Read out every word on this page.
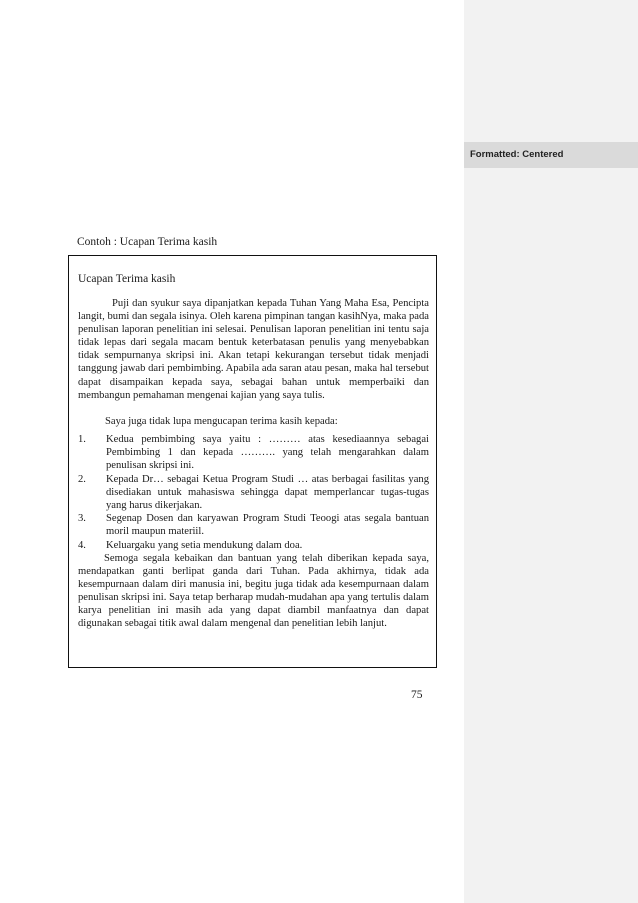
Formatted: Centered
Contoh : Ucapan Terima kasih
Ucapan Terima kasih
Puji dan syukur saya dipanjatkan kepada Tuhan Yang Maha Esa, Pencipta langit, bumi dan segala isinya. Oleh karena pimpinan tangan kasihNya, maka pada penulisan laporan penelitian ini selesai. Penulisan laporan penelitian ini tentu saja tidak lepas dari segala macam bentuk keterbatasan penulis yang menyebabkan tidak sempurnanya skripsi ini. Akan tetapi kekurangan tersebut tidak menjadi tanggung jawab dari pembimbing. Apabila ada saran atau pesan, maka hal tersebut dapat disampaikan kepada saya, sebagai bahan untuk memperbaiki dan membangun pemahaman mengenai kajian yang saya tulis.
Saya juga tidak lupa mengucapan terima kasih kepada:
1. Kedua pembimbing saya yaitu : ……… atas kesediaannya sebagai Pembimbing 1 dan kepada ………. yang telah mengarahkan dalam penulisan skripsi ini.
2. Kepada Dr… sebagai Ketua Program Studi … atas berbagai fasilitas yang disediakan untuk mahasiswa sehingga dapat memperlancar tugas-tugas yang harus dikerjakan.
3. Segenap Dosen dan karyawan Program Studi Teoogi atas segala bantuan moril maupun materiil.
4. Keluargaku yang setia mendukung dalam doa.
Semoga segala kebaikan dan bantuan yang telah diberikan kepada saya, mendapatkan ganti berlipat ganda dari Tuhan. Pada akhirnya, tidak ada kesempurnaan dalam diri manusia ini, begitu juga tidak ada kesempurnaan dalam penulisan skripsi ini. Saya tetap berharap mudah-mudahan apa yang tertulis dalam karya penelitian ini masih ada yang dapat diambil manfaatnya dan dapat digunakan sebagai titik awal dalam mengenal dan penelitian lebih lanjut.
75
